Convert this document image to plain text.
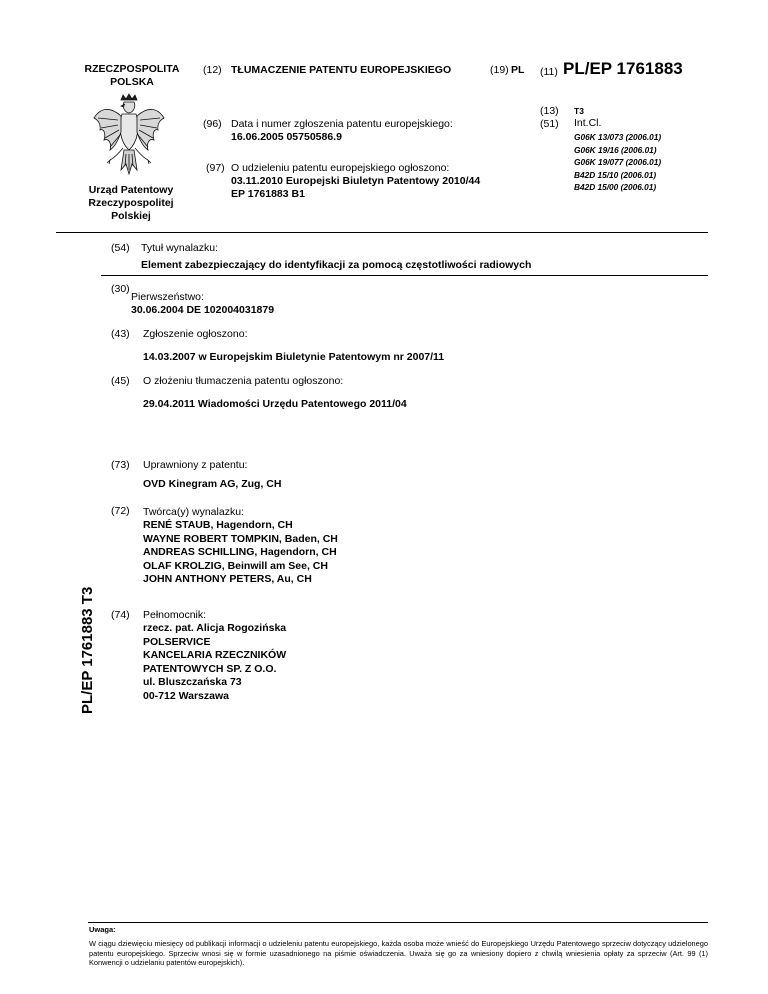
RZECZPOSPOLITA
POLSKA
Urząd Patentowy
Rzeczypospolitej
Polskiej
(12) TŁUMACZENIE PATENTU EUROPEJSKIEGO	(19) PL (11) PL/EP 1761883
(13) T3
(51) Int.Cl.
G06K 13/073 (2006.01)
G06K 19/16 (2006.01)
G06K 19/077 (2006.01)
B42D 15/10 (2006.01)
B42D 15/00 (2006.01)
(96) Data i numer zgłoszenia patentu europejskiego:
16.06.2005 05750586.9
(97) O udzieleniu patentu europejskiego ogłoszono:
03.11.2010 Europejski Biuletyn Patentowy 2010/44
EP 1761883 B1
(54) Tytuł wynalazku:
Element zabezpieczający do identyfikacji za pomocą częstotliwości radiowych
(30)
Pierwszeństwo:
30.06.2004 DE 102004031879
(43) Zgłoszenie ogłoszono:
14.03.2007 w Europejskim Biuletynie Patentowym nr 2007/11
(45) O złożeniu tłumaczenia patentu ogłoszono:
29.04.2011 Wiadomości Urzędu Patentowego 2011/04
(73) Uprawniony z patentu:
OVD Kinegram AG, Zug, CH
(72) Twórca(y) wynalazku:
RENÉ STAUB, Hagendorn, CH
WAYNE ROBERT TOMPKIN, Baden, CH
ANDREAS SCHILLING, Hagendorn, CH
OLAF KROLZIG, Beinwill am See, CH
JOHN ANTHONY PETERS, Au, CH
(74) Pełnomocnik:
rzecz. pat. Alicja Rogozińska
POLSERVICE
KANCELARIA RZECZNIKÓW
PATENTOWYCH SP. Z O.O.
ul. Bluszczańska 73
00-712 Warszawa
PL/EP 1761883 T3
Uwaga:
W ciągu dziewięciu miesięcy od publikacji informacji o udzieleniu patentu europejskiego, każda osoba może wnieść do Europejskiego Urzędu Patentowego sprzeciw dotyczący udzielonego patentu europejskiego. Sprzeciw wnosi się w formie uzasadnionego na piśmie oświadczenia. Uważa się go za wniesiony dopiero z chwilą wniesienia opłaty za sprzeciw (Art. 99 (1) Konwencji o udzielaniu patentów europejskich).
